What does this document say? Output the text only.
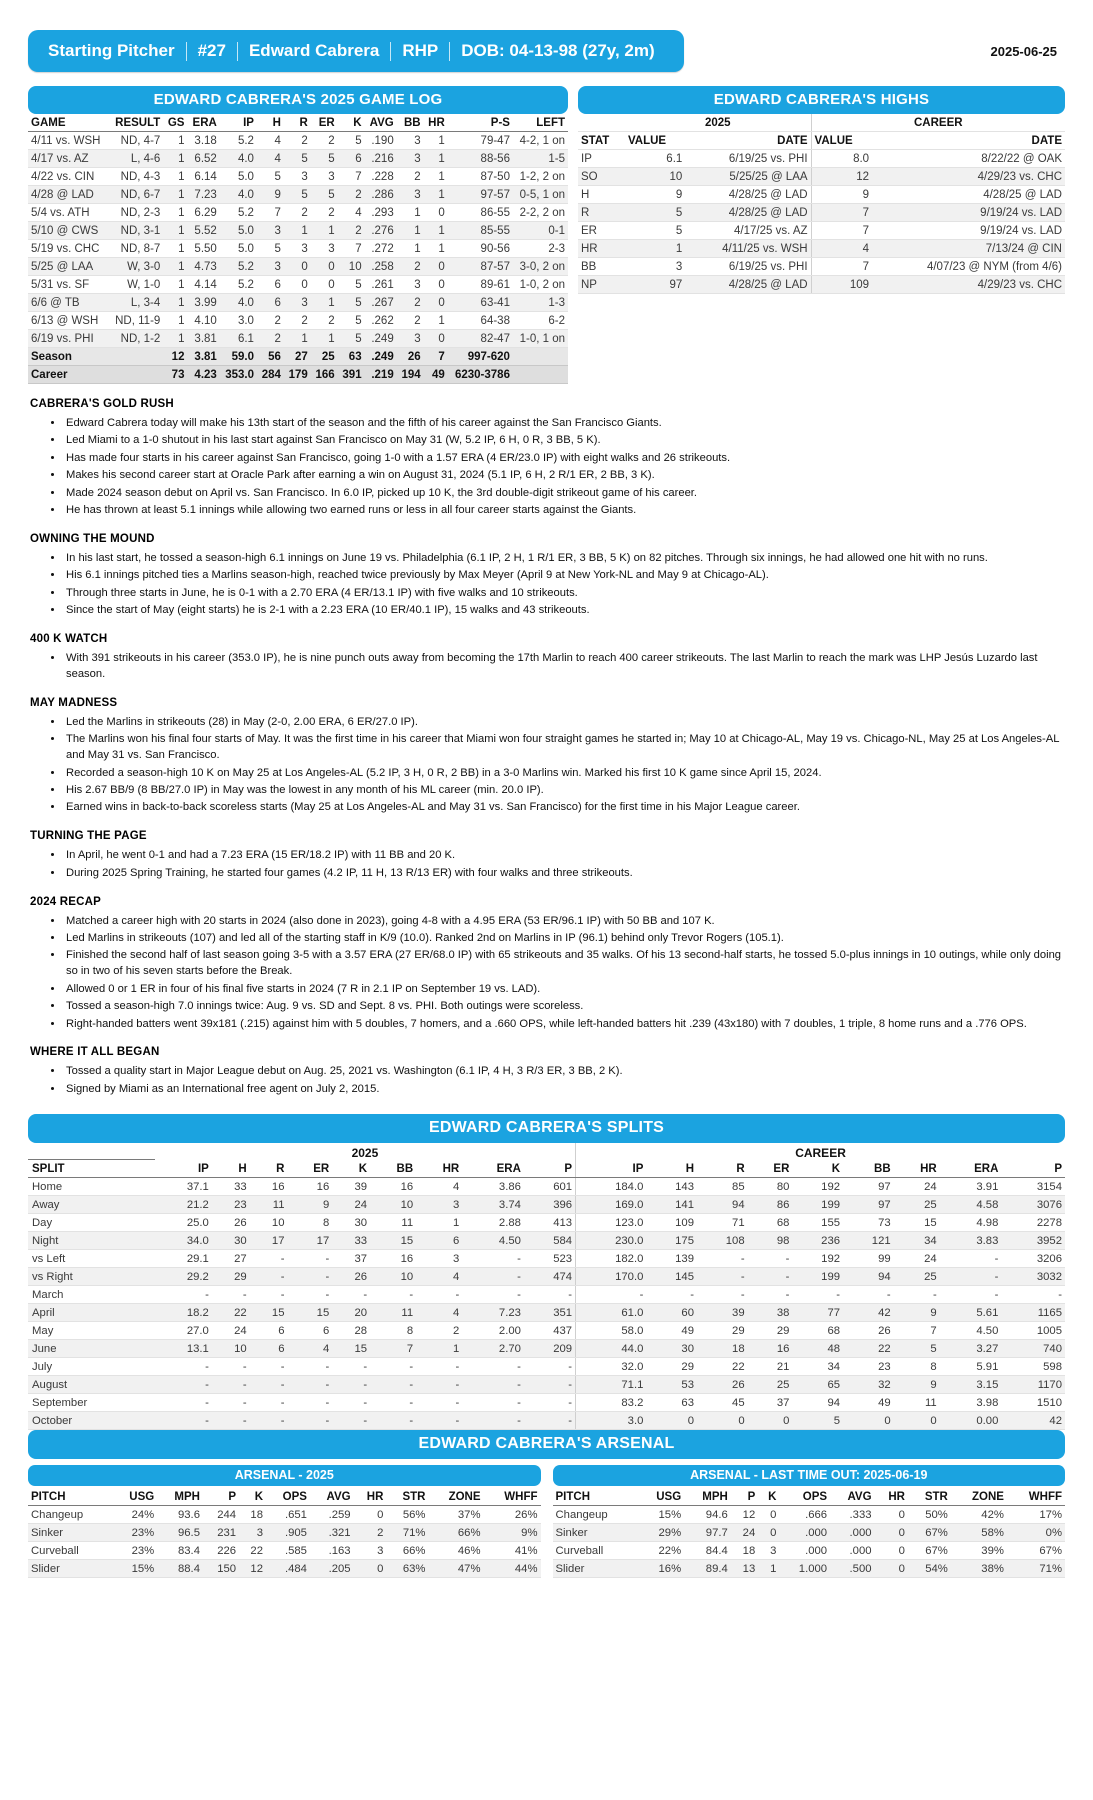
Starting Pitcher	#27	Edward Cabrera	RHP	DOB: 04-13-98 (27y, 2m)	2025-06-25
EDWARD CABRERA'S 2025 GAME LOG
GAME	RESULT	GS	ERA	IP	H	R	ER	K	AVG	BB	HR	P-S	LEFT
4/11 vs. WSH	ND, 4-7	1	3.18	5.2	4	2	2	5	.190	3	1	79-47	4-2, 1 on
4/17 vs. AZ	L, 4-6	1	6.52	4.0	4	5	5	6	.216	3	1	88-56	1-5
4/22 vs. CIN	ND, 4-3	1	6.14	5.0	5	3	3	7	.228	2	1	87-50	1-2, 2 on
4/28 @ LAD	ND, 6-7	1	7.23	4.0	9	5	5	2	.286	3	1	97-57	0-5, 1 on
5/4 vs. ATH	ND, 2-3	1	6.29	5.2	7	2	2	4	.293	1	0	86-55	2-2, 2 on
5/10 @ CWS	ND, 3-1	1	5.52	5.0	3	1	1	2	.276	1	1	85-55	0-1
5/19 vs. CHC	ND, 8-7	1	5.50	5.0	5	3	3	7	.272	1	1	90-56	2-3
5/25 @ LAA	W, 3-0	1	4.73	5.2	3	0	0	10	.258	2	0	87-57	3-0, 2 on
5/31 vs. SF	W, 1-0	1	4.14	5.2	6	0	0	5	.261	3	0	89-61	1-0, 2 on
6/6 @ TB	L, 3-4	1	3.99	4.0	6	3	1	5	.267	2	0	63-41	1-3
6/13 @ WSH	ND, 11-9	1	4.10	3.0	2	2	2	5	.262	2	1	64-38	6-2
6/19 vs. PHI	ND, 1-2	1	3.81	6.1	2	1	1	5	.249	3	0	82-47	1-0, 1 on
Season		12	3.81	59.0	56	27	25	63	.249	26	7	997-620	
Career		73	4.23	353.0	284	179	166	391	.219	194	49	6230-3786	
EDWARD CABRERA'S HIGHS
	2025		CAREER	
STAT	VALUE	DATE	VALUE	DATE
IP	6.1	6/19/25 vs. PHI	8.0	8/22/22 @ OAK
SO	10	5/25/25 @ LAA	12	4/29/23 vs. CHC
H	9	4/28/25 @ LAD	9	4/28/25 @ LAD
R	5	4/28/25 @ LAD	7	9/19/24 vs. LAD
ER	5	4/17/25 vs. AZ	7	9/19/24 vs. LAD
HR	1	4/11/25 vs. WSH	4	7/13/24 @ CIN
BB	3	6/19/25 vs. PHI	7	4/07/23 @ NYM (from 4/6)
NP	97	4/28/25 @ LAD	109	4/29/23 vs. CHC
CABRERA'S GOLD RUSH
• Edward Cabrera today will make his 13th start of the season and the fifth of his career against the San Francisco Giants.
• Led Miami to a 1-0 shutout in his last start against San Francisco on May 31 (W, 5.2 IP, 6 H, 0 R, 3 BB, 5 K).
• Has made four starts in his career against San Francisco, going 1-0 with a 1.57 ERA (4 ER/23.0 IP) with eight walks and 26 strikeouts.
• Makes his second career start at Oracle Park after earning a win on August 31, 2024 (5.1 IP, 6 H, 2 R/1 ER, 2 BB, 3 K).
• Made 2024 season debut on April vs. San Francisco. In 6.0 IP, picked up 10 K, the 3rd double-digit strikeout game of his career.
• He has thrown at least 5.1 innings while allowing two earned runs or less in all four career starts against the Giants.
OWNING THE MOUND
• In his last start, he tossed a season-high 6.1 innings on June 19 vs. Philadelphia (6.1 IP, 2 H, 1 R/1 ER, 3 BB, 5 K) on 82 pitches. Through six innings, he had allowed one hit with no runs.
• His 6.1 innings pitched ties a Marlins season-high, reached twice previously by Max Meyer (April 9 at New York-NL and May 9 at Chicago-AL).
• Through three starts in June, he is 0-1 with a 2.70 ERA (4 ER/13.1 IP) with five walks and 10 strikeouts.
• Since the start of May (eight starts) he is 2-1 with a 2.23 ERA (10 ER/40.1 IP), 15 walks and 43 strikeouts.
400 K WATCH
• With 391 strikeouts in his career (353.0 IP), he is nine punch outs away from becoming the 17th Marlin to reach 400 career strikeouts. The last Marlin to reach the mark was LHP Jesús Luzardo last season.
MAY MADNESS
• Led the Marlins in strikeouts (28) in May (2-0, 2.00 ERA, 6 ER/27.0 IP).
• The Marlins won his final four starts of May. It was the first time in his career that Miami won four straight games he started in; May 10 at Chicago-AL, May 19 vs. Chicago-NL, May 25 at Los Angeles-AL and May 31 vs. San Francisco.
• Recorded a season-high 10 K on May 25 at Los Angeles-AL (5.2 IP, 3 H, 0 R, 2 BB) in a 3-0 Marlins win. Marked his first 10 K game since April 15, 2024.
• His 2.67 BB/9 (8 BB/27.0 IP) in May was the lowest in any month of his ML career (min. 20.0 IP).
• Earned wins in back-to-back scoreless starts (May 25 at Los Angeles-AL and May 31 vs. San Francisco) for the first time in his Major League career.
TURNING THE PAGE
• In April, he went 0-1 and had a 7.23 ERA (15 ER/18.2 IP) with 11 BB and 20 K.
• During 2025 Spring Training, he started four games (4.2 IP, 11 H, 13 R/13 ER) with four walks and three strikeouts.
2024 RECAP
• Matched a career high with 20 starts in 2024 (also done in 2023), going 4-8 with a 4.95 ERA (53 ER/96.1 IP) with 50 BB and 107 K.
• Led Marlins in strikeouts (107) and led all of the starting staff in K/9 (10.0). Ranked 2nd on Marlins in IP (96.1) behind only Trevor Rogers (105.1).
• Finished the second half of last season going 3-5 with a 3.57 ERA (27 ER/68.0 IP) with 65 strikeouts and 35 walks. Of his 13 second-half starts, he tossed 5.0-plus innings in 10 outings, while only doing so in two of his seven starts before the Break.
• Allowed 0 or 1 ER in four of his final five starts in 2024 (7 R in 2.1 IP on September 19 vs. LAD).
• Tossed a season-high 7.0 innings twice: Aug. 9 vs. SD and Sept. 8 vs. PHI. Both outings were scoreless.
• Right-handed batters went 39x181 (.215) against him with 5 doubles, 7 homers, and a .660 OPS, while left-handed batters hit .239 (43x180) with 7 doubles, 1 triple, 8 home runs and a .776 OPS.
WHERE IT ALL BEGAN
• Tossed a quality start in Major League debut on Aug. 25, 2021 vs. Washington (6.1 IP, 4 H, 3 R/3 ER, 3 BB, 2 K).
• Signed by Miami as an International free agent on July 2, 2015.
EDWARD CABRERA'S SPLITS
	2025									CAREER								
SPLIT	IP	H	R	ER	K	BB	HR	ERA	P	IP	H	R	ER	K	BB	HR	ERA	P
Home	37.1	33	16	16	39	16	4	3.86	601	184.0	143	85	80	192	97	24	3.91	3154
Away	21.2	23	11	9	24	10	3	3.74	396	169.0	141	94	86	199	97	25	4.58	3076
Day	25.0	26	10	8	30	11	1	2.88	413	123.0	109	71	68	155	73	15	4.98	2278
Night	34.0	30	17	17	33	15	6	4.50	584	230.0	175	108	98	236	121	34	3.83	3952
vs Left	29.1	27	-	-	37	16	3	-	523	182.0	139	-	-	192	99	24	-	3206
vs Right	29.2	29	-	-	26	10	4	-	474	170.0	145	-	-	199	94	25	-	3032
March	-	-	-	-	-	-	-	-	-	-	-	-	-	-	-	-	-	-
April	18.2	22	15	15	20	11	4	7.23	351	61.0	60	39	38	77	42	9	5.61	1165
May	27.0	24	6	6	28	8	2	2.00	437	58.0	49	29	29	68	26	7	4.50	1005
June	13.1	10	6	4	15	7	1	2.70	209	44.0	30	18	16	48	22	5	3.27	740
July	-	-	-	-	-	-	-	-	-	32.0	29	22	21	34	23	8	5.91	598
August	-	-	-	-	-	-	-	-	-	71.1	53	26	25	65	32	9	3.15	1170
September	-	-	-	-	-	-	-	-	-	83.2	63	45	37	94	49	11	3.98	1510
October	-	-	-	-	-	-	-	-	-	3.0	0	0	0	5	0	0	0.00	42
EDWARD CABRERA'S ARSENAL
ARSENAL - 2025
PITCH	USG	MPH	P	K	OPS	AVG	HR	STR	ZONE	WHFF
Changeup	24%	93.6	244	18	.651	.259	0	56%	37%	26%
Sinker	23%	96.5	231	3	.905	.321	2	71%	66%	9%
Curveball	23%	83.4	226	22	.585	.163	3	66%	46%	41%
Slider	15%	88.4	150	12	.484	.205	0	63%	47%	44%
ARSENAL - LAST TIME OUT: 2025-06-19
PITCH	USG	MPH	P	K	OPS	AVG	HR	STR	ZONE	WHFF
Changeup	15%	94.6	12	0	.666	.333	0	50%	42%	17%
Sinker	29%	97.7	24	0	.000	.000	0	67%	58%	0%
Curveball	22%	84.4	18	3	.000	.000	0	67%	39%	67%
Slider	16%	89.4	13	1	1.000	.500	0	54%	38%	71%
